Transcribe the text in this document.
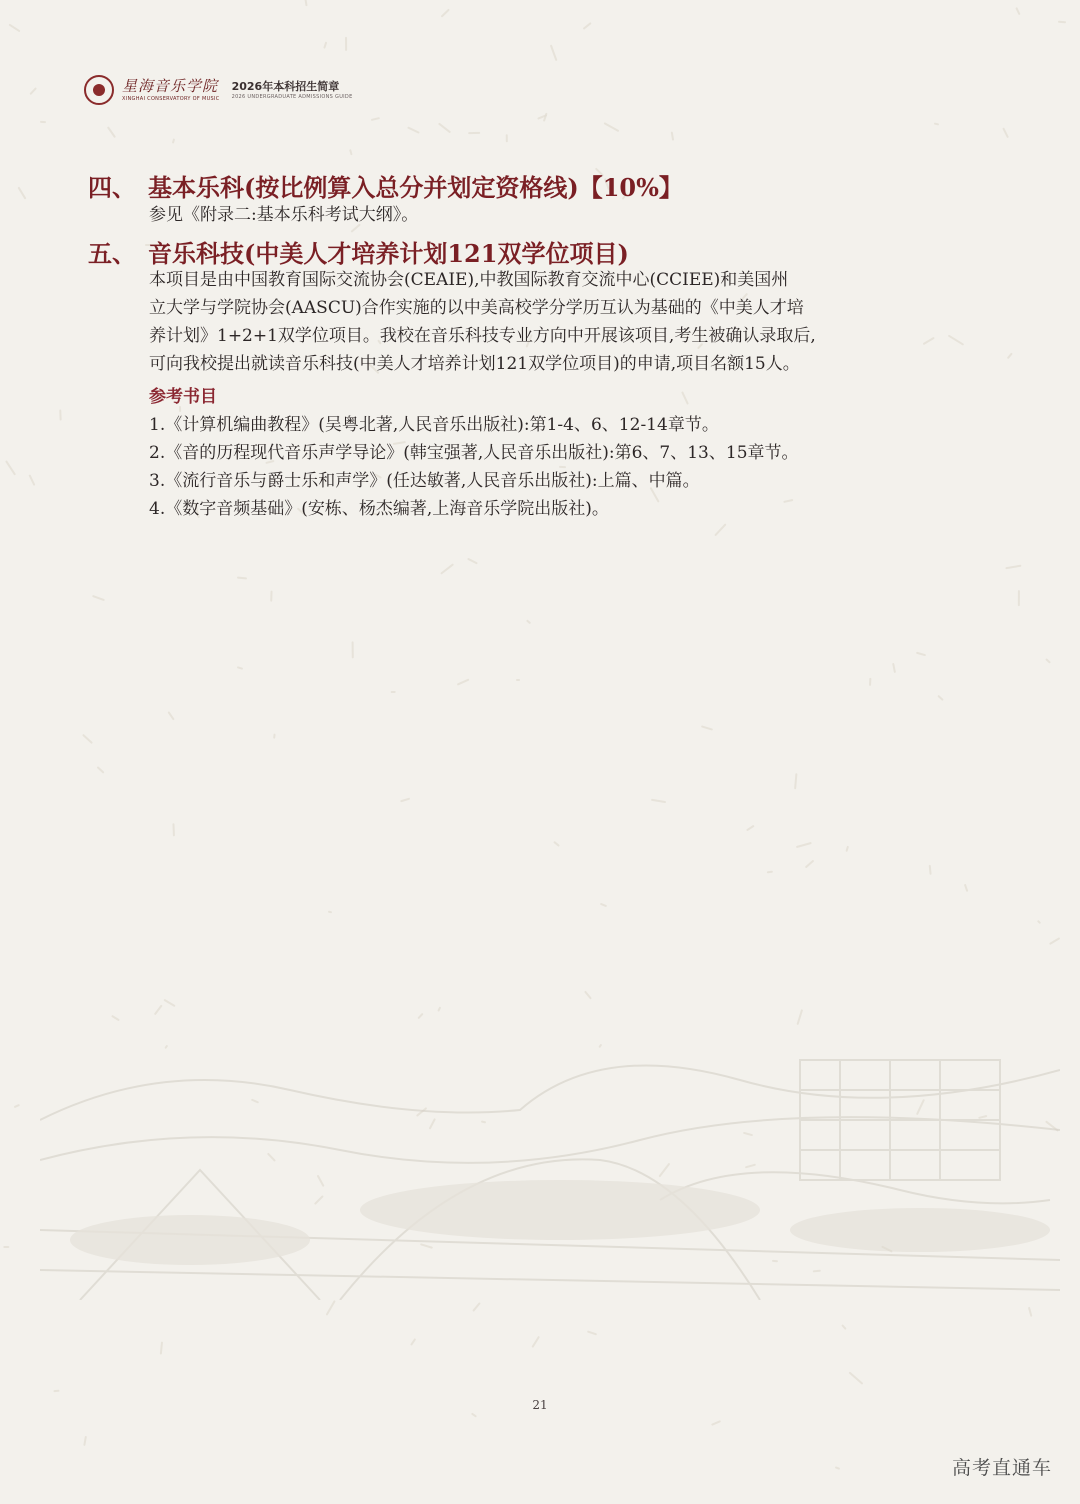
星海音乐学院
XINGHAI CONSERVATORY OF MUSIC
2026年本科招生简章
2026 UNDERGRADUATE ADMISSIONS GUIDE
四、 基本乐科(按比例算入总分并划定资格线)【10%】
参见《附录二:基本乐科考试大纲》。
五、 音乐科技(中美人才培养计划121双学位项目)
本项目是由中国教育国际交流协会(CEAIE),中教国际教育交流中心(CCIEE)和美国州
立大学与学院协会(AASCU)合作实施的以中美高校学分学历互认为基础的《中美人才培
养计划》1+2+1双学位项目。我校在音乐科技专业方向中开展该项目,考生被确认录取后,
可向我校提出就读音乐科技(中美人才培养计划121双学位项目)的申请,项目名额15人。
参考书目
1.《计算机编曲教程》(吴粤北著,人民音乐出版社):第1-4、6、12-14章节。
2.《音的历程现代音乐声学导论》(韩宝强著,人民音乐出版社):第6、7、13、15章节。
3.《流行音乐与爵士乐和声学》(任达敏著,人民音乐出版社):上篇、中篇。
4.《数字音频基础》(安栋、杨杰编著,上海音乐学院出版社)。
21
高考直通车
